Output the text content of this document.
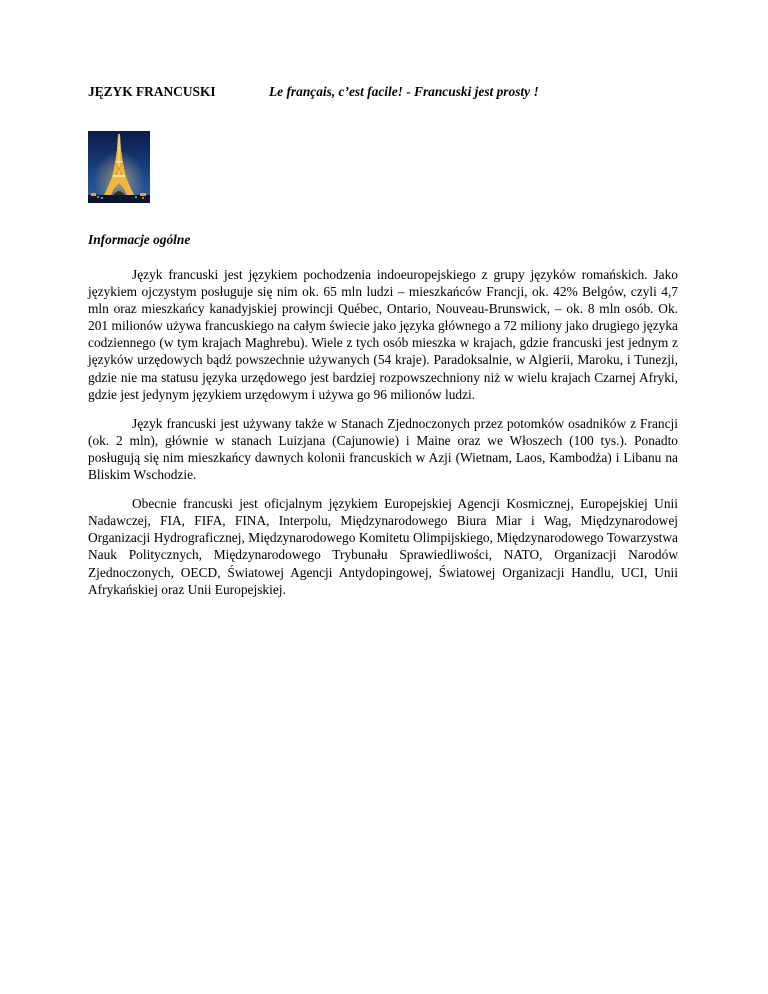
JĘZYK FRANCUSKI	Le français, c’est facile! - Francuski jest prosty !
Informacje ogólne

Język francuski jest językiem pochodzenia indoeuropejskiego z grupy języków romańskich. Jako językiem ojczystym posługuje się nim ok. 65 mln ludzi – mieszkańców Francji, ok. 42% Belgów, czyli 4,7 mln oraz mieszkańcy kanadyjskiej prowincji Québec, Ontario, Nouveau-Brunswick, – ok. 8 mln osób. Ok. 201 milionów używa francuskiego na całym świecie jako języka głównego a 72 miliony jako drugiego języka codziennego (w tym krajach Maghrebu). Wiele z tych osób mieszka w krajach, gdzie francuski jest jednym z języków urzędowych bądź powszechnie używanych (54 kraje). Paradoksalnie, w Algierii, Maroku, i Tunezji, gdzie nie ma statusu języka urzędowego jest bardziej rozpowszechniony niż w wielu krajach Czarnej Afryki, gdzie jest jedynym językiem urzędowym i używa go 96 milionów ludzi.

Język francuski jest używany także w Stanach Zjednoczonych przez potomków osadników z Francji (ok. 2 mln), głównie w stanach Luizjana (Cajunowie) i Maine oraz we Włoszech (100 tys.). Ponadto posługują się nim mieszkańcy dawnych kolonii francuskich w Azji (Wietnam, Laos, Kambodża) i Libanu na Bliskim Wschodzie.

Obecnie francuski jest oficjalnym językiem Europejskiej Agencji Kosmicznej, Europejskiej Unii Nadawczej, FIA, FIFA, FINA, Interpolu, Międzynarodowego Biura Miar i Wag, Międzynarodowej Organizacji Hydrograficznej, Międzynarodowego Komitetu Olimpijskiego, Międzynarodowego Towarzystwa Nauk Politycznych, Międzynarodowego Trybunału Sprawiedliwości, NATO, Organizacji Narodów Zjednoczonych, OECD, Światowej Agencji Antydopingowej, Światowej Organizacji Handlu, UCI, Unii Afrykańskiej oraz Unii Europejskiej.
